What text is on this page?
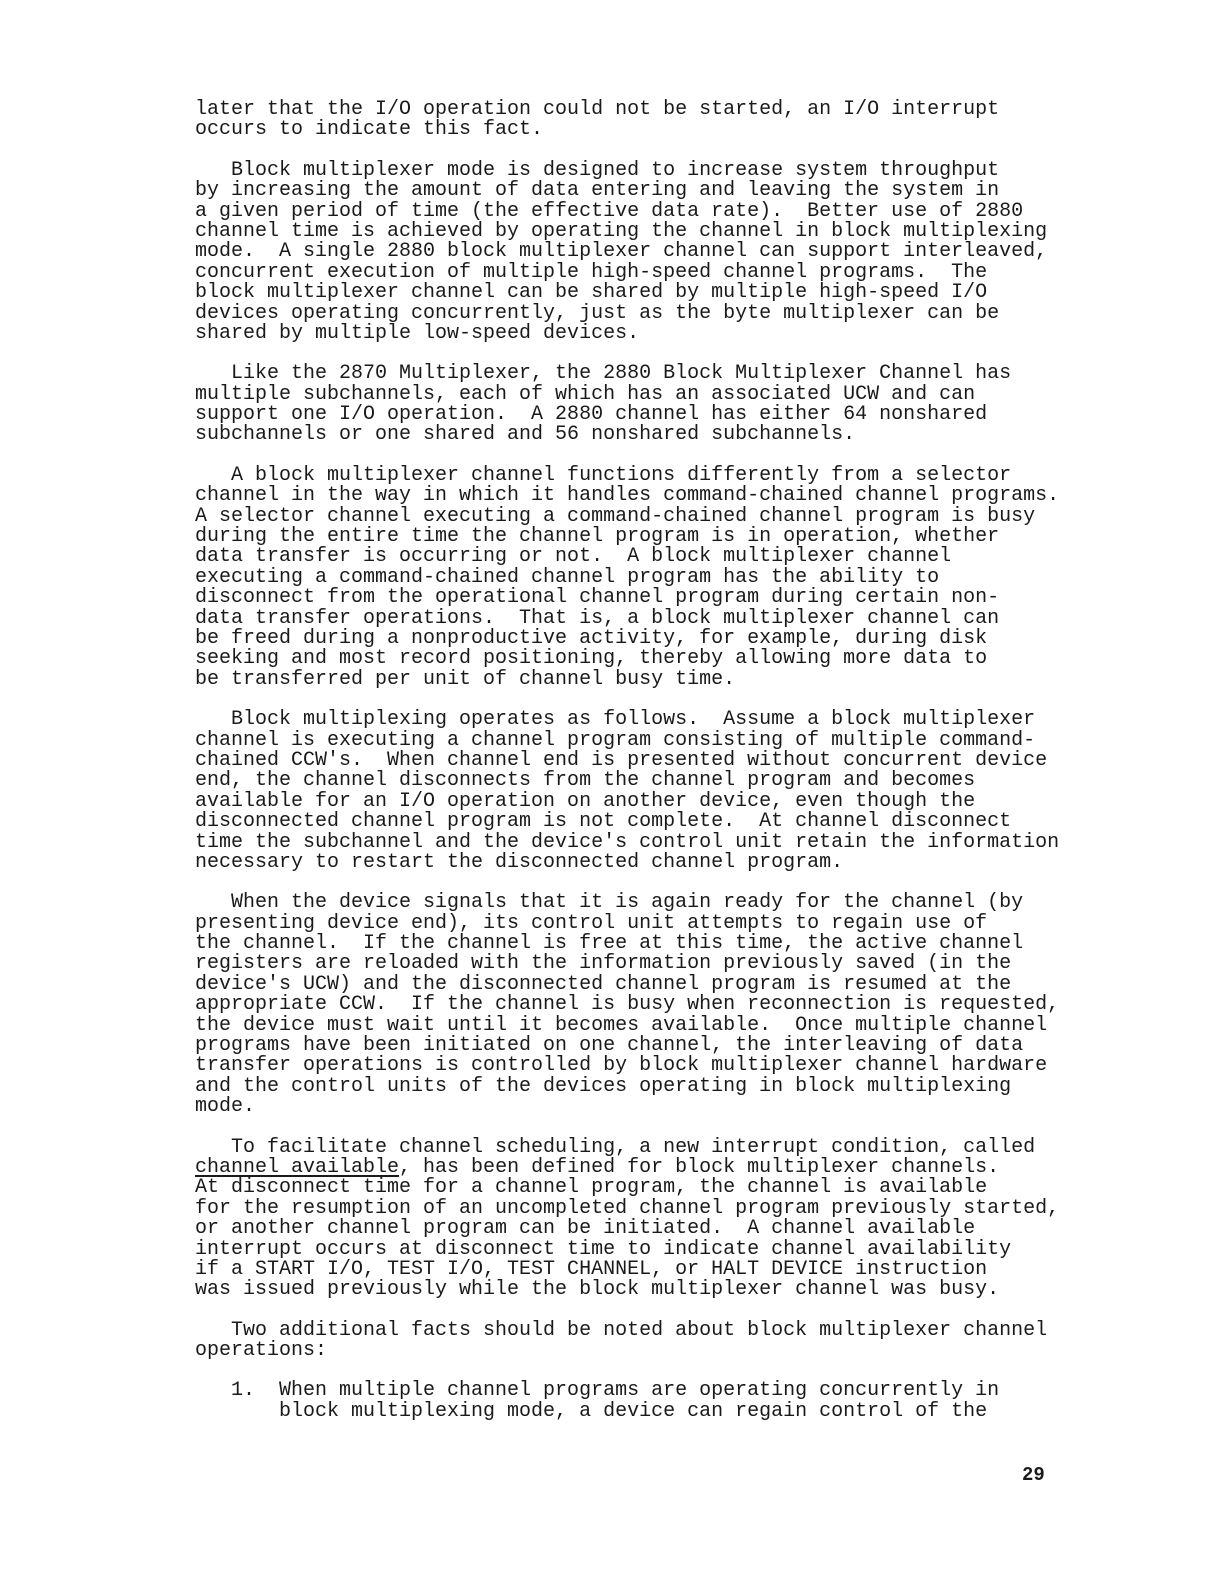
later that the I/O operation could not be started, an I/O interrupt
occurs to indicate this fact.
Block multiplexer mode is designed to increase system throughput
by increasing the amount of data entering and leaving the system in
a given period of time (the effective data rate).  Better use of 2880
channel time is achieved by operating the channel in block multiplexing
mode.  A single 2880 block multiplexer channel can support interleaved,
concurrent execution of multiple high-speed channel programs.  The
block multiplexer channel can be shared by multiple high-speed I/O
devices operating concurrently, just as the byte multiplexer can be
shared by multiple low-speed devices.
Like the 2870 Multiplexer, the 2880 Block Multiplexer Channel has
multiple subchannels, each of which has an associated UCW and can
support one I/O operation.  A 2880 channel has either 64 nonshared
subchannels or one shared and 56 nonshared subchannels.
A block multiplexer channel functions differently from a selector
channel in the way in which it handles command-chained channel programs.
A selector channel executing a command-chained channel program is busy
during the entire time the channel program is in operation, whether
data transfer is occurring or not.  A block multiplexer channel
executing a command-chained channel program has the ability to
disconnect from the operational channel program during certain non-
data transfer operations.  That is, a block multiplexer channel can
be freed during a nonproductive activity, for example, during disk
seeking and most record positioning, thereby allowing more data to
be transferred per unit of channel busy time.
Block multiplexing operates as follows.  Assume a block multiplexer
channel is executing a channel program consisting of multiple command-
chained CCW's.  When channel end is presented without concurrent device
end, the channel disconnects from the channel program and becomes
available for an I/O operation on another device, even though the
disconnected channel program is not complete.  At channel disconnect
time the subchannel and the device's control unit retain the information
necessary to restart the disconnected channel program.
When the device signals that it is again ready for the channel (by
presenting device end), its control unit attempts to regain use of
the channel.  If the channel is free at this time, the active channel
registers are reloaded with the information previously saved (in the
device's UCW) and the disconnected channel program is resumed at the
appropriate CCW.  If the channel is busy when reconnection is requested,
the device must wait until it becomes available.  Once multiple channel
programs have been initiated on one channel, the interleaving of data
transfer operations is controlled by block multiplexer channel hardware
and the control units of the devices operating in block multiplexing
mode.
To facilitate channel scheduling, a new interrupt condition, called
channel available, has been defined for block multiplexer channels.
At disconnect time for a channel program, the channel is available
for the resumption of an uncompleted channel program previously started,
or another channel program can be initiated.  A channel available
interrupt occurs at disconnect time to indicate channel availability
if a START I/O, TEST I/O, TEST CHANNEL, or HALT DEVICE instruction
was issued previously while the block multiplexer channel was busy.
Two additional facts should be noted about block multiplexer channel
operations:
1.  When multiple channel programs are operating concurrently in
block multiplexing mode, a device can regain control of the
29
